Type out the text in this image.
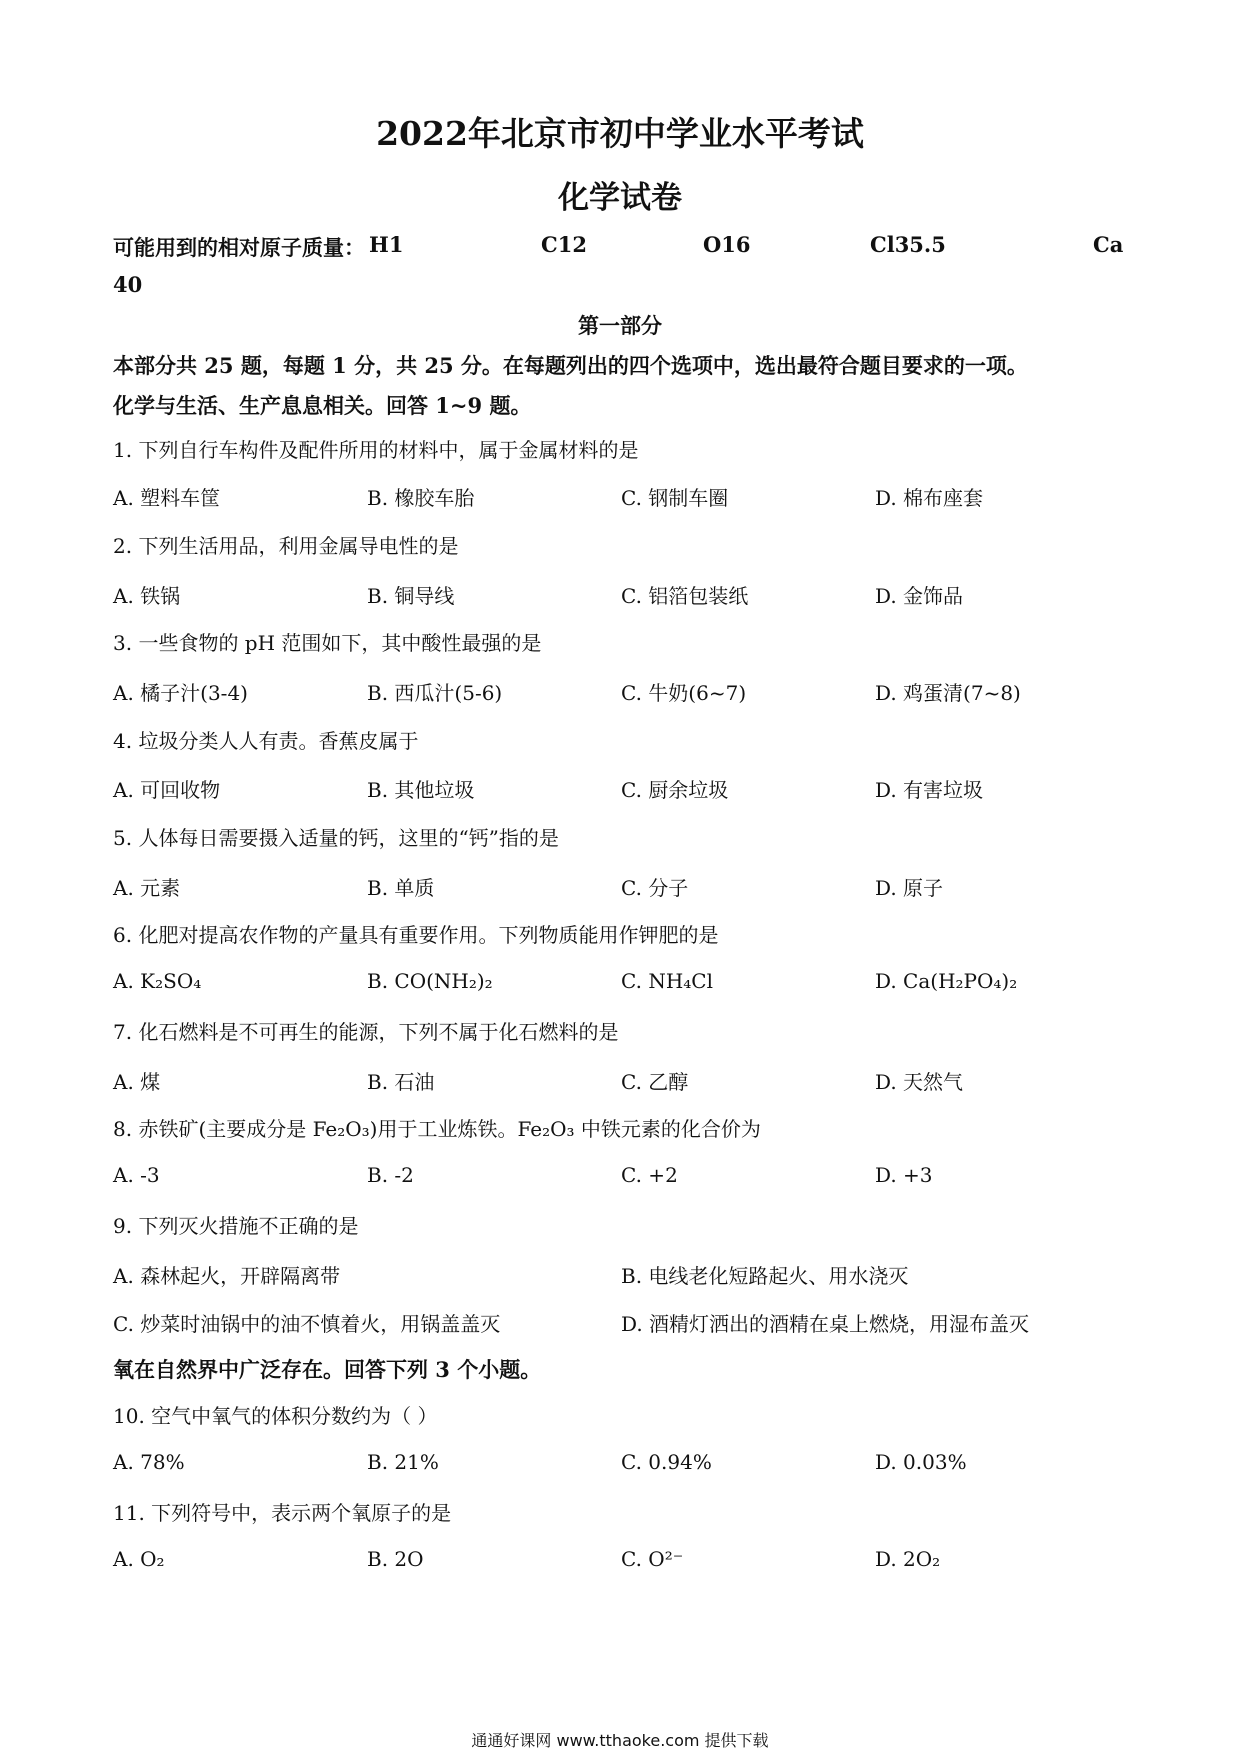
2022年北京市初中学业水平考试
化学试卷
可能用到的相对原子质量： H1	C12	O16	Cl35.5	Ca
40
第一部分
本部分共 25 题，每题 1 分，共 25 分。在每题列出的四个选项中，选出最符合题目要求的一项。
化学与生活、生产息息相关。回答 1~9 题。
1. 下列自行车构件及配件所用的材料中，属于金属材料的是
A. 塑料车筐	B. 橡胶车胎	C. 钢制车圈	D. 棉布座套
2. 下列生活用品，利用金属导电性的是
A. 铁锅	B. 铜导线	C. 铝箔包装纸	D. 金饰品
3. 一些食物的 pH 范围如下，其中酸性最强的是
A. 橘子汁(3-4)	B. 西瓜汁(5-6)	C. 牛奶(6~7)	D. 鸡蛋清(7~8)
4. 垃圾分类人人有责。香蕉皮属于
A. 可回收物	B. 其他垃圾	C. 厨余垃圾	D. 有害垃圾
5. 人体每日需要摄入适量的钙，这里的“钙”指的是
A. 元素	B. 单质	C. 分子	D. 原子
6. 化肥对提高农作物的产量具有重要作用。下列物质能用作钾肥的是
A. K₂SO₄	B. CO(NH₂)₂	C. NH₄Cl	D. Ca(H₂PO₄)₂
7. 化石燃料是不可再生的能源，下列不属于化石燃料的是
A. 煤	B. 石油	C. 乙醇	D. 天然气
8. 赤铁矿(主要成分是 Fe₂O₃)用于工业炼铁。Fe₂O₃ 中铁元素的化合价为
A. -3	B. -2	C. +2	D. +3
9. 下列灭火措施不正确的是
A. 森林起火，开辟隔离带	B. 电线老化短路起火、用水浇灭
C. 炒菜时油锅中的油不慎着火，用锅盖盖灭	D. 酒精灯洒出的酒精在桌上燃烧，用湿布盖灭
氧在自然界中广泛存在。回答下列 3 个小题。
10. 空气中氧气的体积分数约为（ ）
A. 78%	B. 21%	C. 0.94%	D. 0.03%
11. 下列符号中，表示两个氧原子的是
A. O₂	B. 2O	C. O²⁻	D. 2O₂
通通好课网 www.tthaoke.com 提供下载
